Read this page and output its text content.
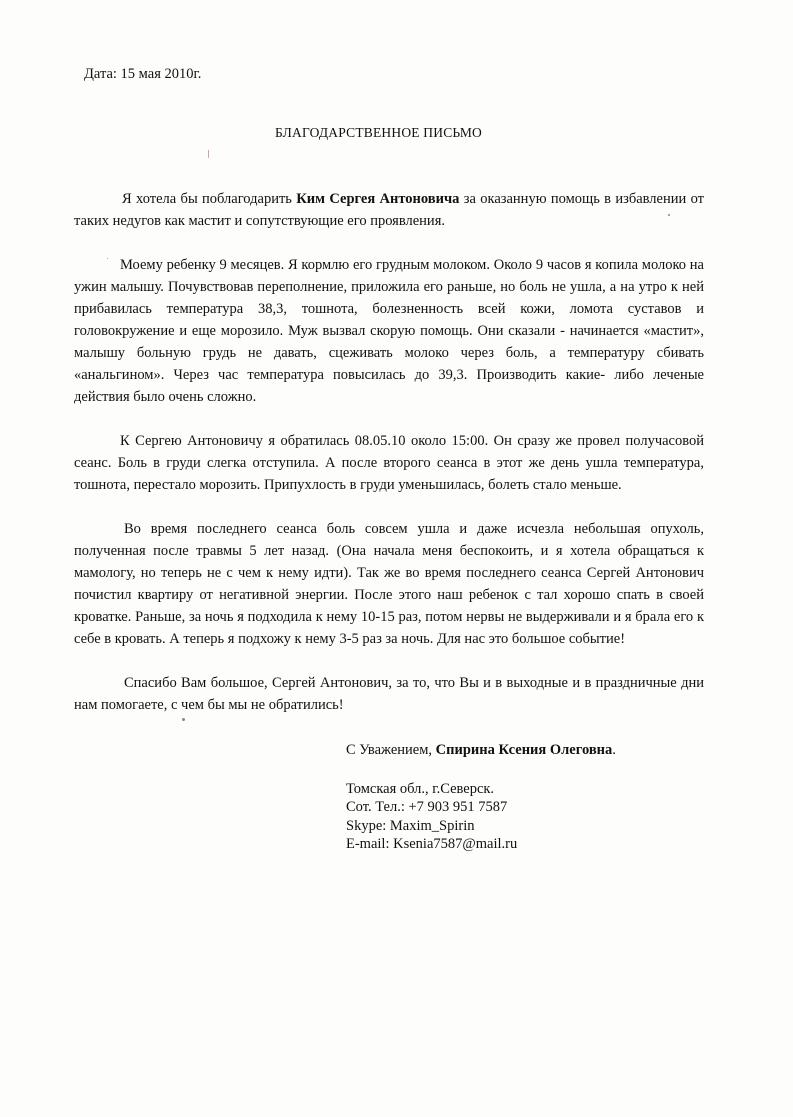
Дата: 15 мая 2010г.
БЛАГОДАРСТВЕННОЕ ПИСЬМО

Я хотела бы поблагодарить Ким Сергея Антоновича за оказанную помощь в избавлении от таких недугов как мастит и сопутствующие его проявления.

Моему ребенку 9 месяцев. Я кормлю его грудным молоком. Около 9 часов я копила молоко на ужин малышу. Почувствовав переполнение, приложила его раньше, но боль не ушла, а на утро к ней прибавилась температура 38,3, тошнота, болезненность всей кожи, ломота суставов и головокружение и еще морозило. Муж вызвал скорую помощь. Они сказали - начинается «мастит», малышу больную грудь не давать, сцеживать молоко через боль, а температуру сбивать «анальгином». Через час температура повысилась до 39,3. Производить какие- либо леченые действия было очень сложно.

К Сергею Антоновичу я обратилась 08.05.10 около 15:00. Он сразу же провел получасовой сеанс. Боль в груди слегка отступила. А после второго сеанса в этот же день ушла температура, тошнота, перестало морозить. Припухлость в груди уменьшилась, болеть стало меньше.

Во время последнего сеанса боль совсем ушла и даже исчезла небольшая опухоль, полученная после травмы 5 лет назад. (Она начала меня беспокоить, и я хотела обращаться к мамологу, но теперь не с чем к нему идти). Так же во время последнего сеанса Сергей Антонович почистил квартиру от негативной энергии. После этого наш ребенок с тал хорошо спать в своей кроватке. Раньше, за ночь я подходила к нему 10-15 раз, потом нервы не выдерживали и я брала его к себе в кровать. А теперь я подхожу к нему 3-5 раз за ночь. Для нас это большое событие!

Спасибо Вам большое, Сергей Антонович, за то, что Вы и в выходные и в праздничные дни нам помогаете, с чем бы мы не обратились!

С Уважением, Спирина Ксения Олеговна.
Томская обл., г.Северск.
Сот. Тел.: +7 903 951 7587
Skype: Maxim_Spirin
E-mail: Ksenia7587@mail.ru
